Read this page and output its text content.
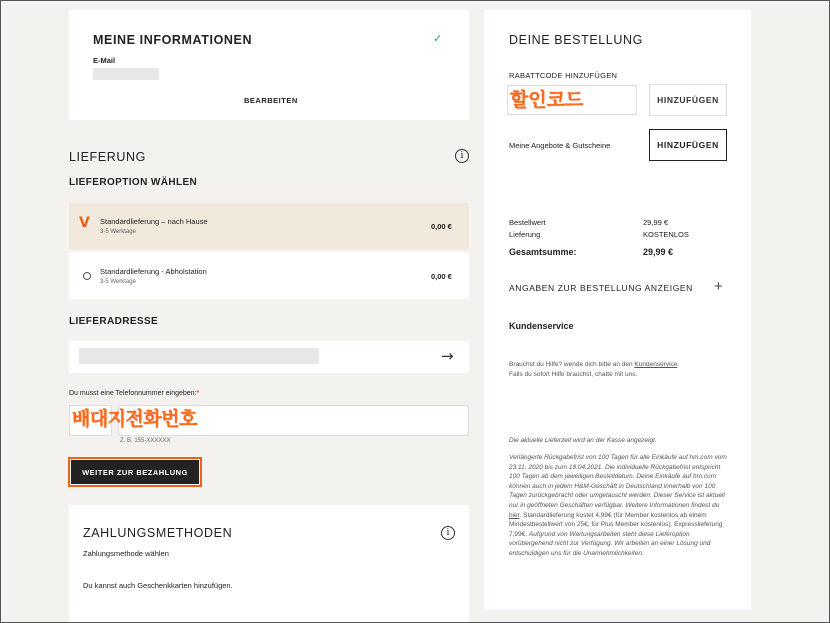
MEINE INFORMATIONEN	✓
E-Mail
BEARBEITEN
LIEFERUNG	i
LIEFEROPTION WÄHLEN
V Standardlieferung – nach Hause
3-5 Werktage
0,00 €
Standardlieferung - Abholstation
3-5 Werktage
0,00 €
LIEFERADRESSE
→
Du musst eine Telefonnummer eingeben:*
배대지전화번호
Z. B. 155-XXXXXX
WEITER ZUR BEZAHLUNG
ZAHLUNGSMETHODEN	i
Zahlungsmethode wählen
Du kannst auch Geschenkkarten hinzufügen.
DEINE BESTELLUNG
RABATTCODE HINZUFÜGEN
할인코드	HINZUFÜGEN
Meine Angebote & Gutscheine	HINZUFÜGEN
Bestellwert	29,99 €
Lieferung	KOSTENLOS
Gesamtsumme:	29,99 €
ANGABEN ZUR BESTELLUNG ANZEIGEN +
Kundenservice
Brauchst du Hilfe? wende dich bitte an den Kundenservice.
Falls du sofort Hilfe brauchst, chatte mit uns.
Die aktuelle Lieferzeit wird an der Kasse angezeigt.
Verlängerte Rückgabefrist von 100 Tagen für alle Einkäufe auf hm.com vom 23.11. 2020 bis zum 18.04.2021. Die individuelle Rückgabefrist entspricht 100 Tagen ab dem jeweiligen Bestelldatum. Deine Einkäufe auf hm.com können auch in jedem H&M-Geschäft in Deutschland innerhalb von 100 Tagen zurückgebracht oder umgetauscht werden. Dieser Service ist aktuell nur in geöffneten Geschäften verfügbar. Weitere Informationen findest du hier. Standardlieferung kostet 4,99€ (für Member kostenlos ab einem Mindestbestellwert von 25€, für Plus Member kostenlos). Expresslieferung 7,99€. Aufgrund von Wartungsarbeiten steht diese Lieferoption vorübergehend nicht zur Verfügung. Wir arbeiten an einer Lösung und entschuldigen uns für die Unannehmlichkeiten.
